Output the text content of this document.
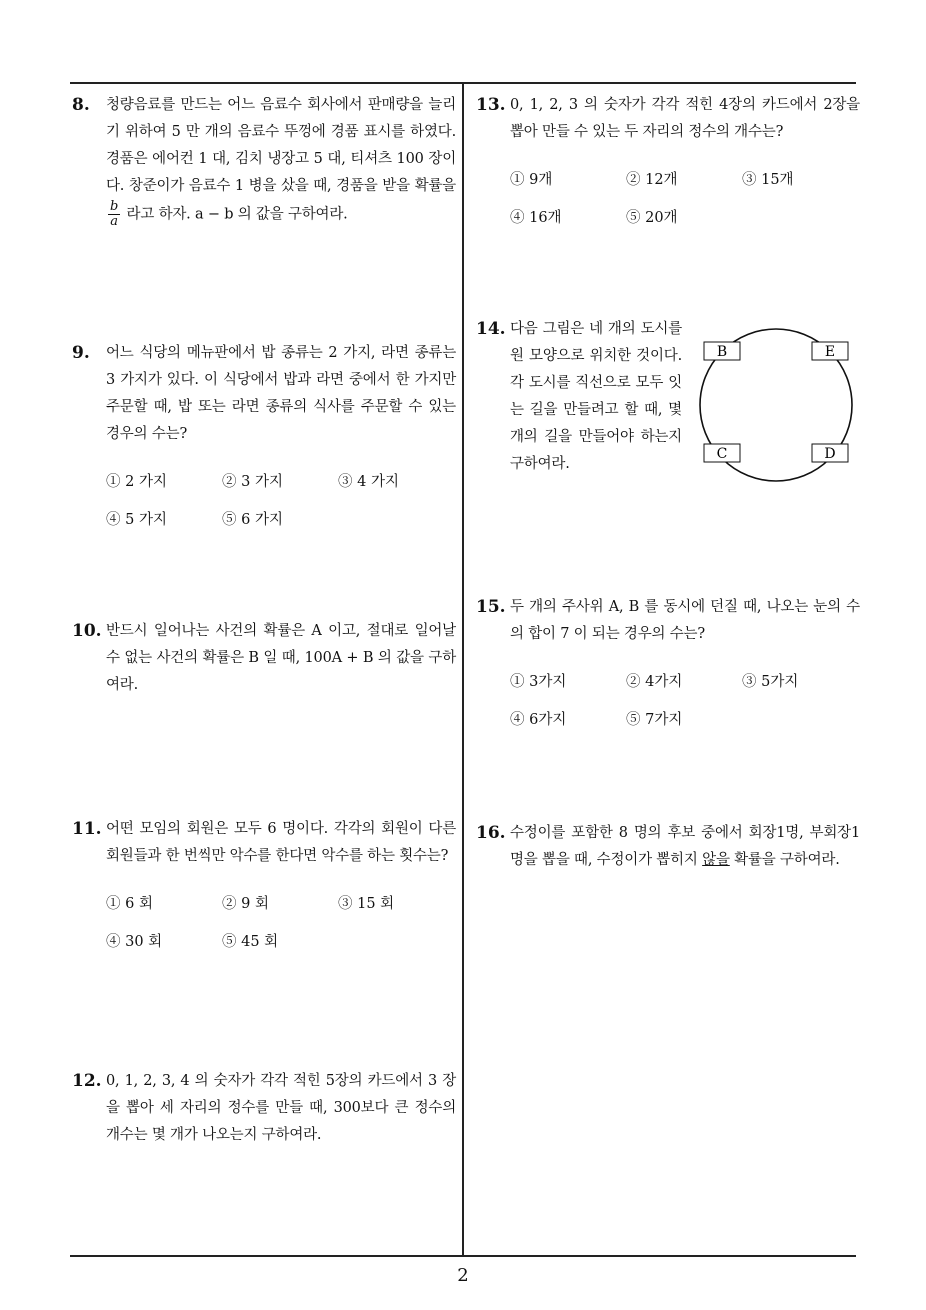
8. 청량음료를 만드는 어느 음료수 회사에서 판매량을 늘리기 위하여 5 만 개의 음료수 뚜껑에 경품 표시를 하였다. 경품은 에어컨 1 대, 김치 냉장고 5 대, 티셔츠 100 장이다. 창준이가 음료수 1 병을 샀을 때, 경품을 받을 확률을
$\frac{b}{a}$ 라고 하자. a − b 의 값을 구하여라.
9. 어느 식당의 메뉴판에서 밥 종류는 2 가지, 라면 종류는 3 가지가 있다. 이 식당에서 밥과 라면 중에서 한 가지만 주문할 때, 밥 또는 라면 종류의 식사를 주문할 수 있는 경우의 수는?
① 2 가지	② 3 가지	③ 4 가지
④ 5 가지	⑤ 6 가지
10. 반드시 일어나는 사건의 확률은 A 이고, 절대로 일어날 수 없는 사건의 확률은 B 일 때, 100A + B 의 값을 구하여라.
11. 어떤 모임의 회원은 모두 6 명이다. 각각의 회원이 다른 회원들과 한 번씩만 악수를 한다면 악수를 하는 횟수는?
① 6 회	② 9 회	③ 15 회
④ 30 회	⑤ 45 회
12. 0, 1, 2, 3, 4 의 숫자가 각각 적힌 5장의 카드에서 3 장을 뽑아 세 자리의 정수를 만들 때, 300보다 큰 정수의 개수는 몇 개가 나오는지 구하여라.
13. 0, 1, 2, 3 의 숫자가 각각 적힌 4장의 카드에서 2장을 뽑아 만들 수 있는 두 자리의 정수의 개수는?
① 9개	② 12개	③ 15개
④ 16개	⑤ 20개
14. 다음 그림은 네 개의 도시를 원 모양으로 위치한 것이다. 각 도시를 직선으로 모두 잇는 길을 만들려고 할 때, 몇 개의 길을 만들어야 하는지 구하여라.
B	E
C	D
15. 두 개의 주사위 A, B 를 동시에 던질 때, 나오는 눈의 수의 합이 7 이 되는 경우의 수는?
① 3가지	② 4가지	③ 5가지
④ 6가지	⑤ 7가지
16. 수정이를 포함한 8 명의 후보 중에서 회장1명, 부회장1명을 뽑을 때, 수정이가 뽑히지 않을 확률을 구하여라.
2
